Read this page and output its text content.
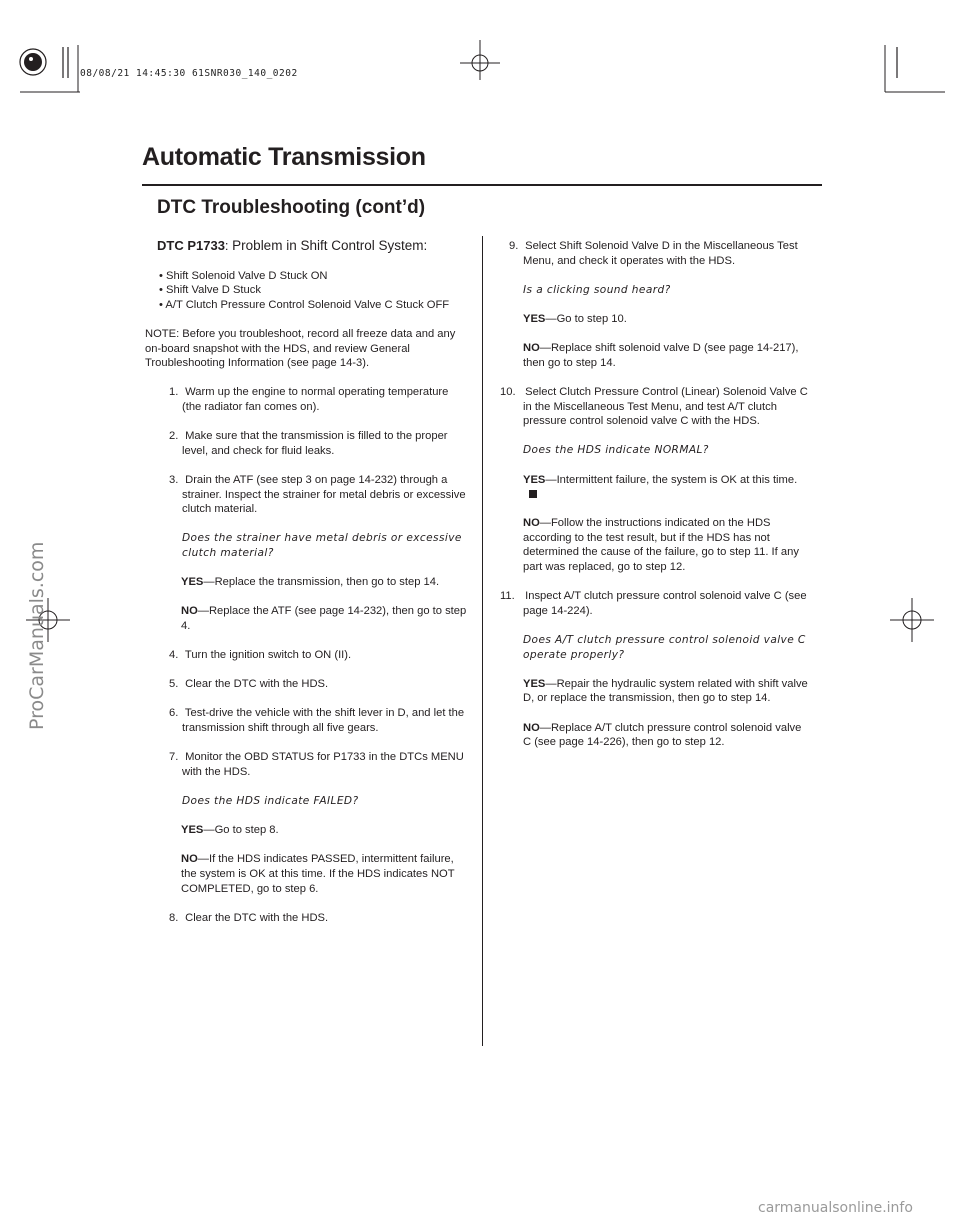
08/08/21 14:45:30 61SNR030_140_0202
Automatic Transmission
DTC Troubleshooting (cont’d)

DTC P1733: Problem in Shift Control System:

• Shift Solenoid Valve D Stuck ON

• Shift Valve D Stuck

• A/T Clutch Pressure Control Solenoid Valve C Stuck OFF

NOTE: Before you troubleshoot, record all freeze data and any on-board snapshot with the HDS, and review General Troubleshooting Information (see page 14-3).

1. Warm up the engine to normal operating temperature (the radiator fan comes on).

2. Make sure that the transmission is filled to the proper level, and check for fluid leaks.

3. Drain the ATF (see step 3 on page 14-232) through a strainer. Inspect the strainer for metal debris or excessive clutch material.

Does the strainer have metal debris or excessive clutch material?

YES—Replace the transmission, then go to step 14.

NO—Replace the ATF (see page 14-232), then go to step 4.

4. Turn the ignition switch to ON (II).

5. Clear the DTC with the HDS.

6. Test-drive the vehicle with the shift lever in D, and let the transmission shift through all five gears.

7. Monitor the OBD STATUS for P1733 in the DTCs MENU with the HDS.

Does the HDS indicate FAILED?

YES—Go to step 8.

NO—If the HDS indicates PASSED, intermittent failure, the system is OK at this time. If the HDS indicates NOT COMPLETED, go to step 6.

8. Clear the DTC with the HDS.

9. Select Shift Solenoid Valve D in the Miscellaneous Test Menu, and check it operates with the HDS.

Is a clicking sound heard?

YES—Go to step 10.

NO—Replace shift solenoid valve D (see page 14-217), then go to step 14.

10. Select Clutch Pressure Control (Linear) Solenoid Valve C in the Miscellaneous Test Menu, and test A/T clutch pressure control solenoid valve C with the HDS.

Does the HDS indicate NORMAL?

YES—Intermittent failure, the system is OK at this time.

NO—Follow the instructions indicated on the HDS according to the test result, but if the HDS has not determined the cause of the failure, go to step 11. If any part was replaced, go to step 12.

11. Inspect A/T clutch pressure control solenoid valve C (see page 14-224).

Does A/T clutch pressure control solenoid valve C operate properly?

YES—Repair the hydraulic system related with shift valve D, or replace the transmission, then go to step 14.

NO—Replace A/T clutch pressure control solenoid valve C (see page 14-226), then go to step 12.

ProCarManuals.com
carmanualsonline.info
